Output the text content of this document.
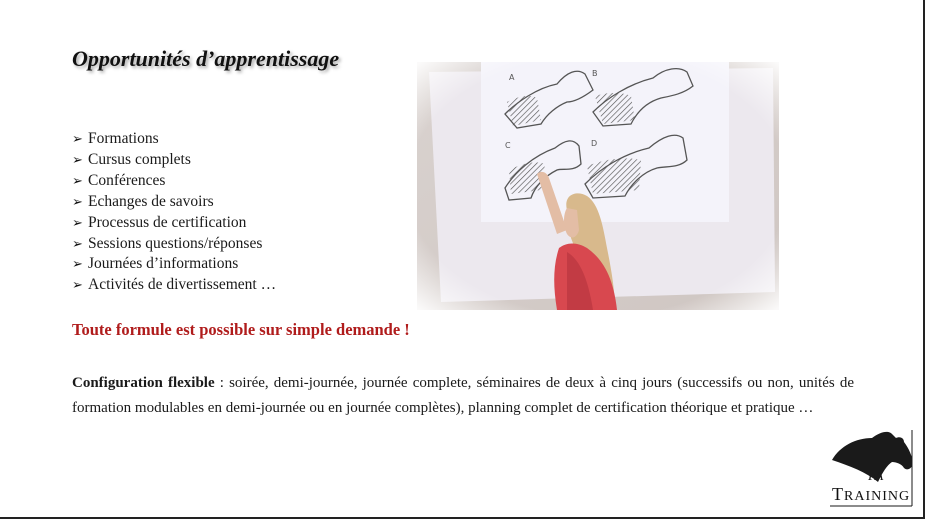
Opportunités d’apprentissage
➢ Formations
➢ Cursus complets
➢ Conférences
➢ Echanges de savoirs
➢ Processus de certification
➢ Sessions questions/réponses
➢ Journées d’informations
➢ Activités de divertissement …

Toute formule est possible sur simple demande !

Configuration flexible : soirée, demi-journée, journée complete, séminaires de deux à cinq jours (successifs ou non, unités de formation modulables en demi-journée ou en journée complètes), planning complet de certification théorique et pratique …

FA
TRAINING
